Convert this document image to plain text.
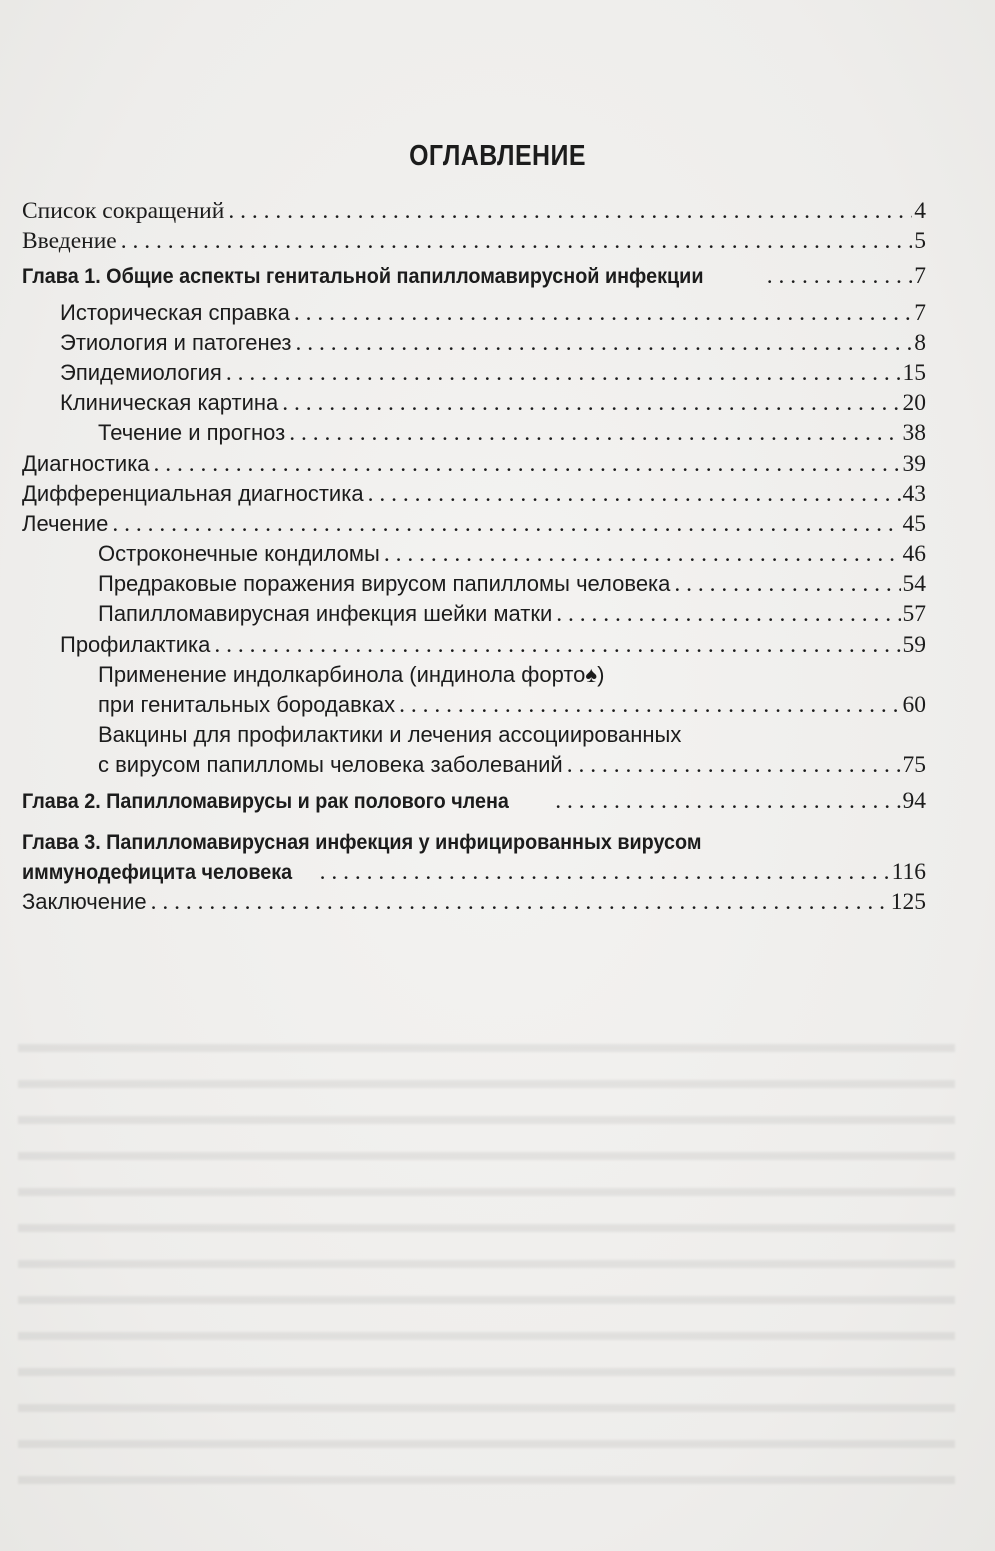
ОГЛАВЛЕНИЕ
Список сокращений . . .	4
Введение . . .	5
Глава 1. Общие аспекты генитальной папилломавирусной инфекции . . .	7
Историческая справка . . .	7
Этиология и патогенез . . .	8
Эпидемиология . . .	15
Клиническая картина . . .	20
Течение и прогноз . . .	38
Диагностика . . .	39
Дифференциальная диагностика . . .	43
Лечение . . .	45
Остроконечные кондиломы . . .	46
Предраковые поражения вирусом папилломы человека . . .	54
Папилломавирусная инфекция шейки матки . . .	57
Профилактика . . .	59
Применение индолкарбинола (индинола форто♠)
при генитальных бородавках . . .	60
Вакцины для профилактики и лечения ассоциированных
с вирусом папилломы человека заболеваний . . .	75
Глава 2. Папилломавирусы и рак полового члена . . .	94
Глава 3. Папилломавирусная инфекция у инфицированных вирусом
иммунодефицита человека . . .	116
Заключение . . .	125
